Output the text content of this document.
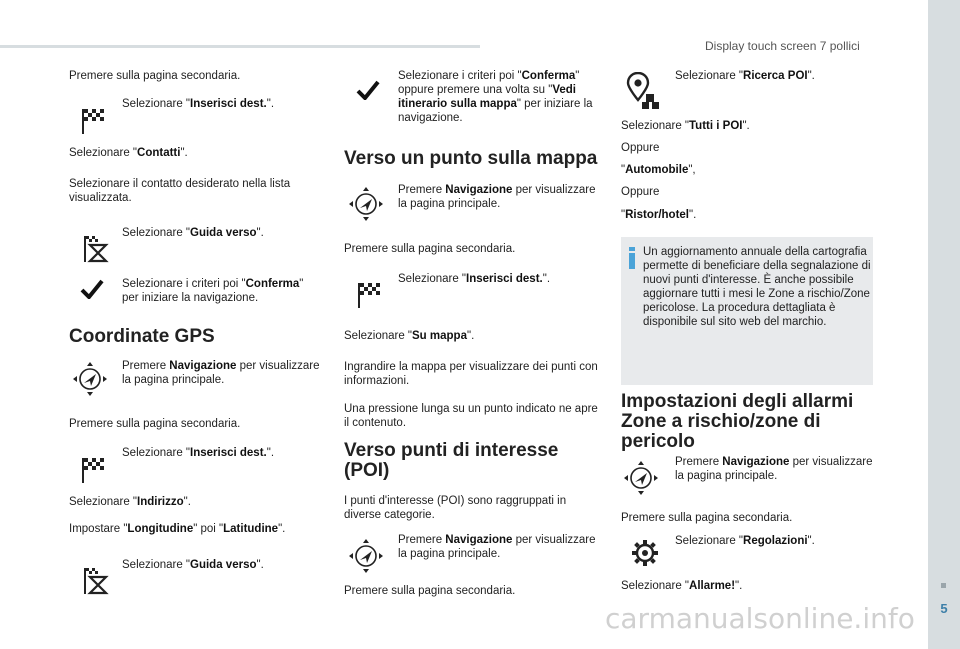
5
Display touch screen 7 pollici
Premere sulla pagina secondaria.
Selezionare "Inserisci dest.".
Selezionare "Contatti".
Selezionare il contatto desiderato nella lista visualizzata.
Selezionare "Guida verso".
Selezionare i criteri poi "Conferma" per iniziare la navigazione.
Coordinate GPS
Premere Navigazione per visualizzare la pagina principale.
Premere sulla pagina secondaria.
Selezionare "Inserisci dest.".
Selezionare "Indirizzo".
Impostare "Longitudine" poi "Latitudine".
Selezionare "Guida verso".
Selezionare i criteri poi "Conferma" oppure premere una volta su "Vedi itinerario sulla mappa" per iniziare la navigazione.
Verso un punto sulla mappa
Premere Navigazione per visualizzare la pagina principale.
Premere sulla pagina secondaria.
Selezionare "Inserisci dest.".
Selezionare "Su mappa".
Ingrandire la mappa per visualizzare dei punti con informazioni.
Una pressione lunga su un punto indicato ne apre il contenuto.
Verso punti di interesse (POI)
I punti d'interesse (POI) sono raggruppati in diverse categorie.
Premere Navigazione per visualizzare la pagina principale.
Premere sulla pagina secondaria.
Selezionare "Ricerca POI".
Selezionare "Tutti i POI".
Oppure
"Automobile",
Oppure
"Ristor/hotel".
Un aggiornamento annuale della cartografia permette di beneficiare della segnalazione di nuovi punti d'interesse. È anche possibile aggiornare tutti i mesi le Zone a rischio/Zone pericolose. La procedura dettagliata è disponibile sul sito web del marchio.
Impostazioni degli allarmi Zone a rischio/zone di pericolo
Premere Navigazione per visualizzare la pagina principale.
Premere sulla pagina secondaria.
Selezionare "Regolazioni".
Selezionare "Allarme!".
carmanualsonline.info
